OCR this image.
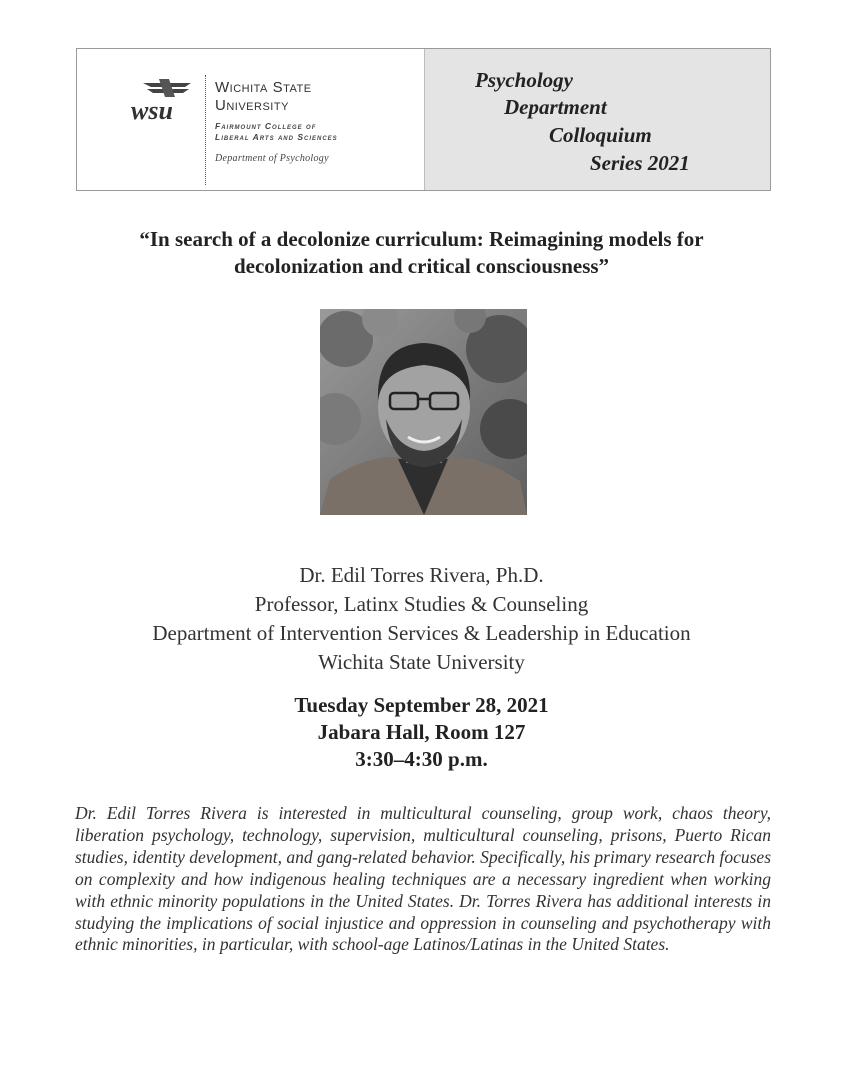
wsu
Wichita State
University
Fairmount College of
Liberal Arts and Sciences
Department of Psychology
Psychology
Department
Colloquium
Series 2021
“In search of a decolonize curriculum: Reimagining models for
decolonization and critical consciousness”
Dr. Edil Torres Rivera, Ph.D.
Professor, Latinx Studies & Counseling
Department of Intervention Services & Leadership in Education
Wichita State University
Tuesday September 28, 2021
Jabara Hall, Room 127
3:30–4:30 p.m.
Dr. Edil Torres Rivera is interested in multicultural counseling, group work, chaos theory, liberation psychology, technology, supervision, multicultural counseling, prisons, Puerto Rican studies, identity development, and gang-related behavior. Specifically, his primary research focuses on complexity and how indigenous healing techniques are a necessary ingredient when working with ethnic minority populations in the United States. Dr. Torres Rivera has additional interests in studying the implications of social injustice and oppression in counseling and psychotherapy with ethnic minorities, in particular, with school-age Latinos/Latinas in the United States.
